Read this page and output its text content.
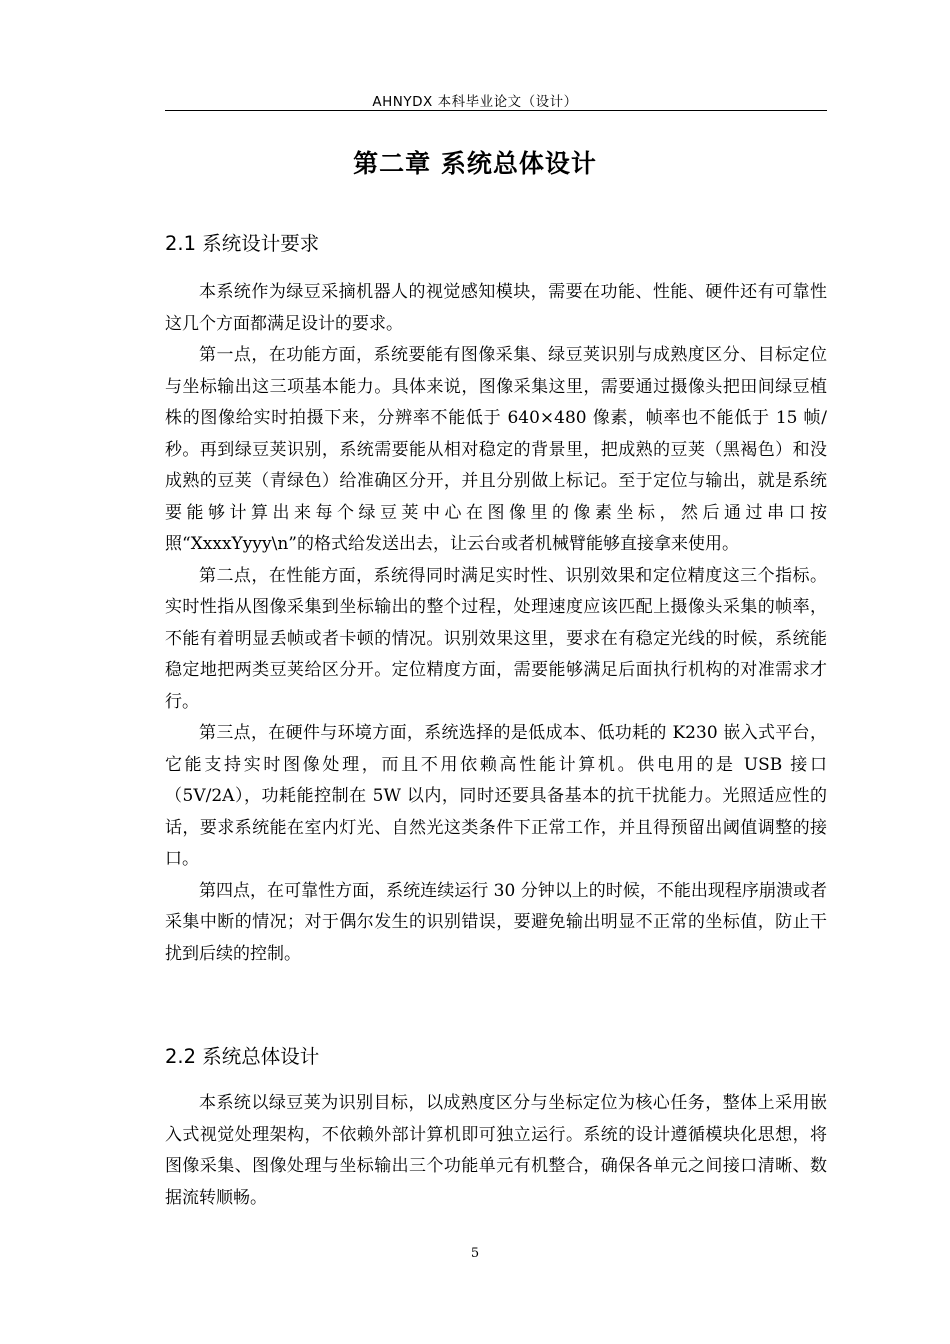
AHNYDX 本科毕业论文（设计）
第二章 系统总体设计
2.1 系统设计要求

本系统作为绿豆采摘机器人的视觉感知模块，需要在功能、性能、硬件还有可靠性这几个方面都满足设计的要求。

第一点，在功能方面，系统要能有图像采集、绿豆荚识别与成熟度区分、目标定位与坐标输出这三项基本能力。具体来说，图像采集这里，需要通过摄像头把田间绿豆植株的图像给实时拍摄下来，分辨率不能低于 640×480 像素，帧率也不能低于 15 帧/秒。再到绿豆荚识别，系统需要能从相对稳定的背景里，把成熟的豆荚（黑褐色）和没成熟的豆荚（青绿色）给准确区分开，并且分别做上标记。至于定位与输出，就是系统要能够计算出来每个绿豆荚中心在图像里的像素坐标，然后通过串口按照“XxxxYyyy\n”的格式给发送出去，让云台或者机械臂能够直接拿来使用。

第二点，在性能方面，系统得同时满足实时性、识别效果和定位精度这三个指标。实时性指从图像采集到坐标输出的整个过程，处理速度应该匹配上摄像头采集的帧率，不能有着明显丢帧或者卡顿的情况。识别效果这里，要求在有稳定光线的时候，系统能稳定地把两类豆荚给区分开。定位精度方面，需要能够满足后面执行机构的对准需求才行。

第三点，在硬件与环境方面，系统选择的是低成本、低功耗的 K230 嵌入式平台，它能支持实时图像处理，而且不用依赖高性能计算机。供电用的是 USB 接口（5V/2A），功耗能控制在 5W 以内，同时还要具备基本的抗干扰能力。光照适应性的话，要求系统能在室内灯光、自然光这类条件下正常工作，并且得预留出阈值调整的接口。

第四点，在可靠性方面，系统连续运行 30 分钟以上的时候，不能出现程序崩溃或者采集中断的情况；对于偶尔发生的识别错误，要避免输出明显不正常的坐标值，防止干扰到后续的控制。

2.2 系统总体设计

本系统以绿豆荚为识别目标，以成熟度区分与坐标定位为核心任务，整体上采用嵌入式视觉处理架构，不依赖外部计算机即可独立运行。系统的设计遵循模块化思想，将图像采集、图像处理与坐标输出三个功能单元有机整合，确保各单元之间接口清晰、数据流转顺畅。

5
